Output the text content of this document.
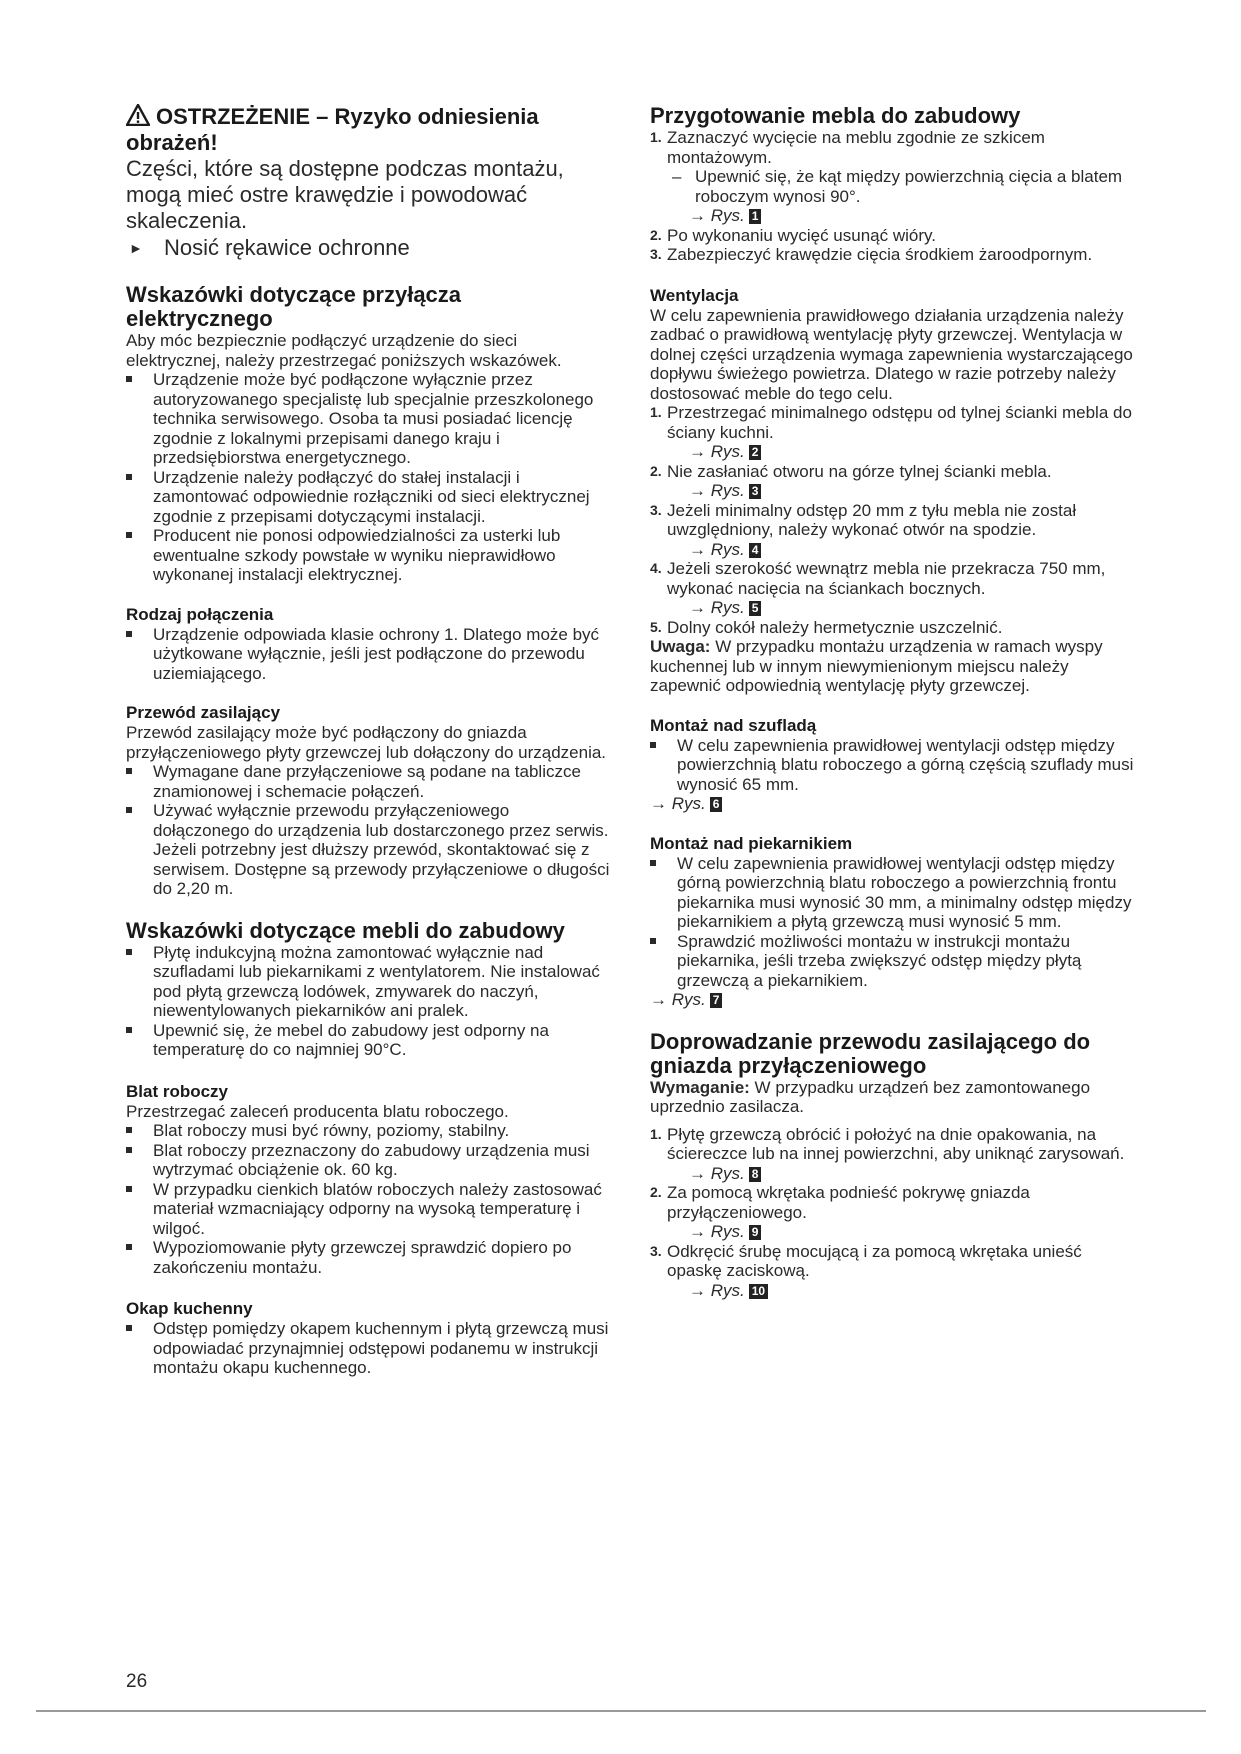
OSTRZEŻENIE – Ryzyko odniesienia obrażeń!

Części, które są dostępne podczas montażu, mogą mieć ostre krawędzie i powodować skaleczenia.

► Nosić rękawice ochronne

Wskazówki dotyczące przyłącza elektrycznego

Aby móc bezpiecznie podłączyć urządzenie do sieci elektrycznej, należy przestrzegać poniższych wskazówek.

Urządzenie może być podłączone wyłącznie przez autoryzowanego specjalistę lub specjalnie przeszkolonego technika serwisowego. Osoba ta musi posiadać licencję zgodnie z lokalnymi przepisami danego kraju i przedsiębiorstwa energetycznego.
Urządzenie należy podłączyć do stałej instalacji i zamontować odpowiednie rozłączniki od sieci elektrycznej zgodnie z przepisami dotyczącymi instalacji.
Producent nie ponosi odpowiedzialności za usterki lub ewentualne szkody powstałe w wyniku nieprawidłowo wykonanej instalacji elektrycznej.
Rodzaj połączenia
Urządzenie odpowiada klasie ochrony 1. Dlatego może być użytkowane wyłącznie, jeśli jest podłączone do przewodu uziemiającego.
Przewód zasilający

Przewód zasilający może być podłączony do gniazda przyłączeniowego płyty grzewczej lub dołączony do urządzenia.

Wymagane dane przyłączeniowe są podane na tabliczce znamionowej i schemacie połączeń.
Używać wyłącznie przewodu przyłączeniowego dołączonego do urządzenia lub dostarczonego przez serwis. Jeżeli potrzebny jest dłuższy przewód, skontaktować się z serwisem. Dostępne są przewody przyłączeniowe o długości do 2,20 m.
Wskazówki dotyczące mebli do zabudowy
Płytę indukcyjną można zamontować wyłącznie nad szufladami lub piekarnikami z wentylatorem. Nie instalować pod płytą grzewczą lodówek, zmywarek do naczyń, niewentylowanych piekarników ani pralek.
Upewnić się, że mebel do zabudowy jest odporny na temperaturę do co najmniej 90°C.
Blat roboczy

Przestrzegać zaleceń producenta blatu roboczego.

Blat roboczy musi być równy, poziomy, stabilny.
Blat roboczy przeznaczony do zabudowy urządzenia musi wytrzymać obciążenie ok. 60 kg.
W przypadku cienkich blatów roboczych należy zastosować materiał wzmacniający odporny na wysoką temperaturę i wilgoć.
Wypoziomowanie płyty grzewczej sprawdzić dopiero po zakończeniu montażu.
Okap kuchenny
Odstęp pomiędzy okapem kuchennym i płytą grzewczą musi odpowiadać przynajmniej odstępowi podanemu w instrukcji montażu okapu kuchennego.
Przygotowanie mebla do zabudowy
1. Zaznaczyć wycięcie na meblu zgodnie ze szkicem montażowym.
– Upewnić się, że kąt między powierzchnią cięcia a blatem roboczym wynosi 90°.
→ Rys. 1
2. Po wykonaniu wycięć usunąć wióry.
3. Zabezpieczyć krawędzie cięcia środkiem żaroodpornym.
Wentylacja

W celu zapewnienia prawidłowego działania urządzenia należy zadbać o prawidłową wentylację płyty grzewczej. Wentylacja w dolnej części urządzenia wymaga zapewnienia wystarczającego dopływu świeżego powietrza. Dlatego w razie potrzeby należy dostosować meble do tego celu.

1. Przestrzegać minimalnego odstępu od tylnej ścianki mebla do ściany kuchni.
→ Rys. 2
2. Nie zasłaniać otworu na górze tylnej ścianki mebla.
→ Rys. 3
3. Jeżeli minimalny odstęp 20 mm z tyłu mebla nie został uwzględniony, należy wykonać otwór na spodzie.
→ Rys. 4
4. Jeżeli szerokość wewnątrz mebla nie przekracza 750 mm, wykonać nacięcia na ściankach bocznych.
→ Rys. 5
5. Dolny cokół należy hermetycznie uszczelnić.

Uwaga: W przypadku montażu urządzenia w ramach wyspy kuchennej lub w innym niewymienionym miejscu należy zapewnić odpowiednią wentylację płyty grzewczej.

Montaż nad szufladą
W celu zapewnienia prawidłowej wentylacji odstęp między powierzchnią blatu roboczego a górną częścią szuflady musi wynosić 65 mm.
→ Rys. 6
Montaż nad piekarnikiem
W celu zapewnienia prawidłowej wentylacji odstęp między górną powierzchnią blatu roboczego a powierzchnią frontu piekarnika musi wynosić 30 mm, a minimalny odstęp między piekarnikiem a płytą grzewczą musi wynosić 5 mm.
Sprawdzić możliwości montażu w instrukcji montażu piekarnika, jeśli trzeba zwiększyć odstęp między płytą grzewczą a piekarnikiem.
→ Rys. 7
Doprowadzanie przewodu zasilającego do gniazda przyłączeniowego

Wymaganie: W przypadku urządzeń bez zamontowanego uprzednio zasilacza.

1. Płytę grzewczą obrócić i położyć na dnie opakowania, na ściereczce lub na innej powierzchni, aby uniknąć zarysowań.
→ Rys. 8
2. Za pomocą wkrętaka podnieść pokrywę gniazda przyłączeniowego.
→ Rys. 9
3. Odkręcić śrubę mocującą i za pomocą wkrętaka unieść opaskę zaciskową.
→ Rys. 10
26
